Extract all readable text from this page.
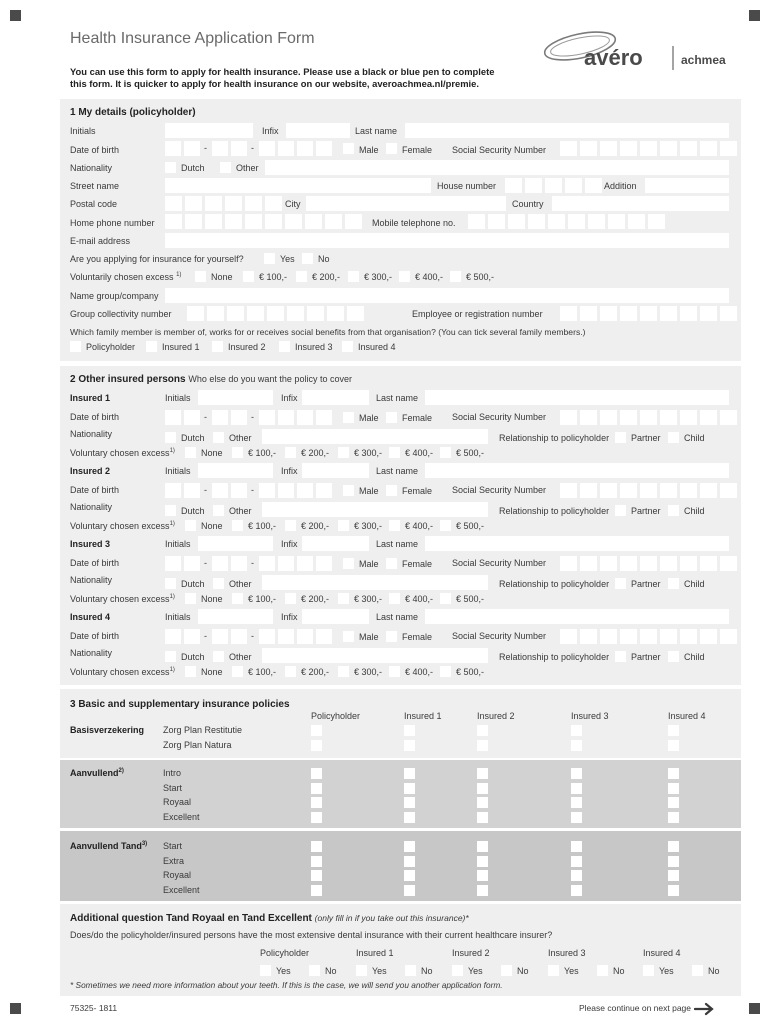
Health Insurance Application Form
You can use this form to apply for health insurance. Please use a black or blue pen to complete this form. It is quicker to apply for health insurance on our website, averoachmea.nl/premie.
avéro	achmea
1 My details (policyholder)
Initials	Infix	Last name
Date of birth	-	-	Male	Female Social Security Number
Nationality	Dutch	Other
Street name	House number	Addition
Postal code	City	Country
Home phone number	Mobile telephone no.
E-mail address
Are you applying for insurance for yourself?	Yes	No
Voluntarily chosen excess $^{1)}$	None	€ 100,-	€ 200,-	€ 300,-	€ 400,-	€ 500,-
Name group/company
Group collectivity number	Employee or registration number
Which family member is member of, works for or receives social benefits from that organisation? (You can tick several family members.)
Policyholder	Insured 1	Insured 2	Insured 3	Insured 4
2 Other insured persons Who else do you want the policy to cover
Insured 1	Initials	Infix	Last name
Date of birth	-	-	Male	Female Social Security Number
Nationality	Dutch	Other	Relationship to policyholder Partner	Child
Voluntary chosen excess$^{1)}$	None	€ 100,-	€ 200,-	€ 300,-	€ 400,-	€ 500,-
Insured 2	Initials	Infix	Last name
Date of birth	-	-	Male	Female Social Security Number
Nationality	Dutch	Other	Relationship to policyholder Partner	Child
Voluntary chosen excess$^{1)}$	None	€ 100,-	€ 200,-	€ 300,-	€ 400,-	€ 500,-
Insured 3	Initials	Infix	Last name
Date of birth	-	-	Male	Female Social Security Number
Nationality	Dutch	Other	Relationship to policyholder Partner	Child
Voluntary chosen excess$^{1)}$	None	€ 100,-	€ 200,-	€ 300,-	€ 400,-	€ 500,-
Insured 4	Initials	Infix	Last name
Date of birth	-	-	Male	Female Social Security Number
Nationality	Dutch	Other	Relationship to policyholder Partner	Child
Voluntary chosen excess$^{1)}$	None	€ 100,-	€ 200,-	€ 300,-	€ 400,-	€ 500,-
3 Basic and supplementary insurance policies
Policyholder	Insured 1	Insured 2	Insured 3	Insured 4
Basisverzekering Zorg Plan Restitutie
Zorg Plan Natura
Aanvullend$^{2)}$	Intro
Start
Royaal
Excellent
Aanvullend Tand$^{3)}$ Start
Extra
Royaal
Excellent
Additional question Tand Royaal en Tand Excellent (only fill in if you take out this insurance)*
Does/do the policyholder/insured persons have the most extensive dental insurance with their current healthcare insurer?
Policyholder
Yes	No
Insured 1
Yes	No
Insured 2
Yes	No
Insured 3
Yes	No
Insured 4
Yes	No
* Sometimes we need more information about your teeth. If this is the case, we will send you another application form.
75325- 1811	Please continue on next page
